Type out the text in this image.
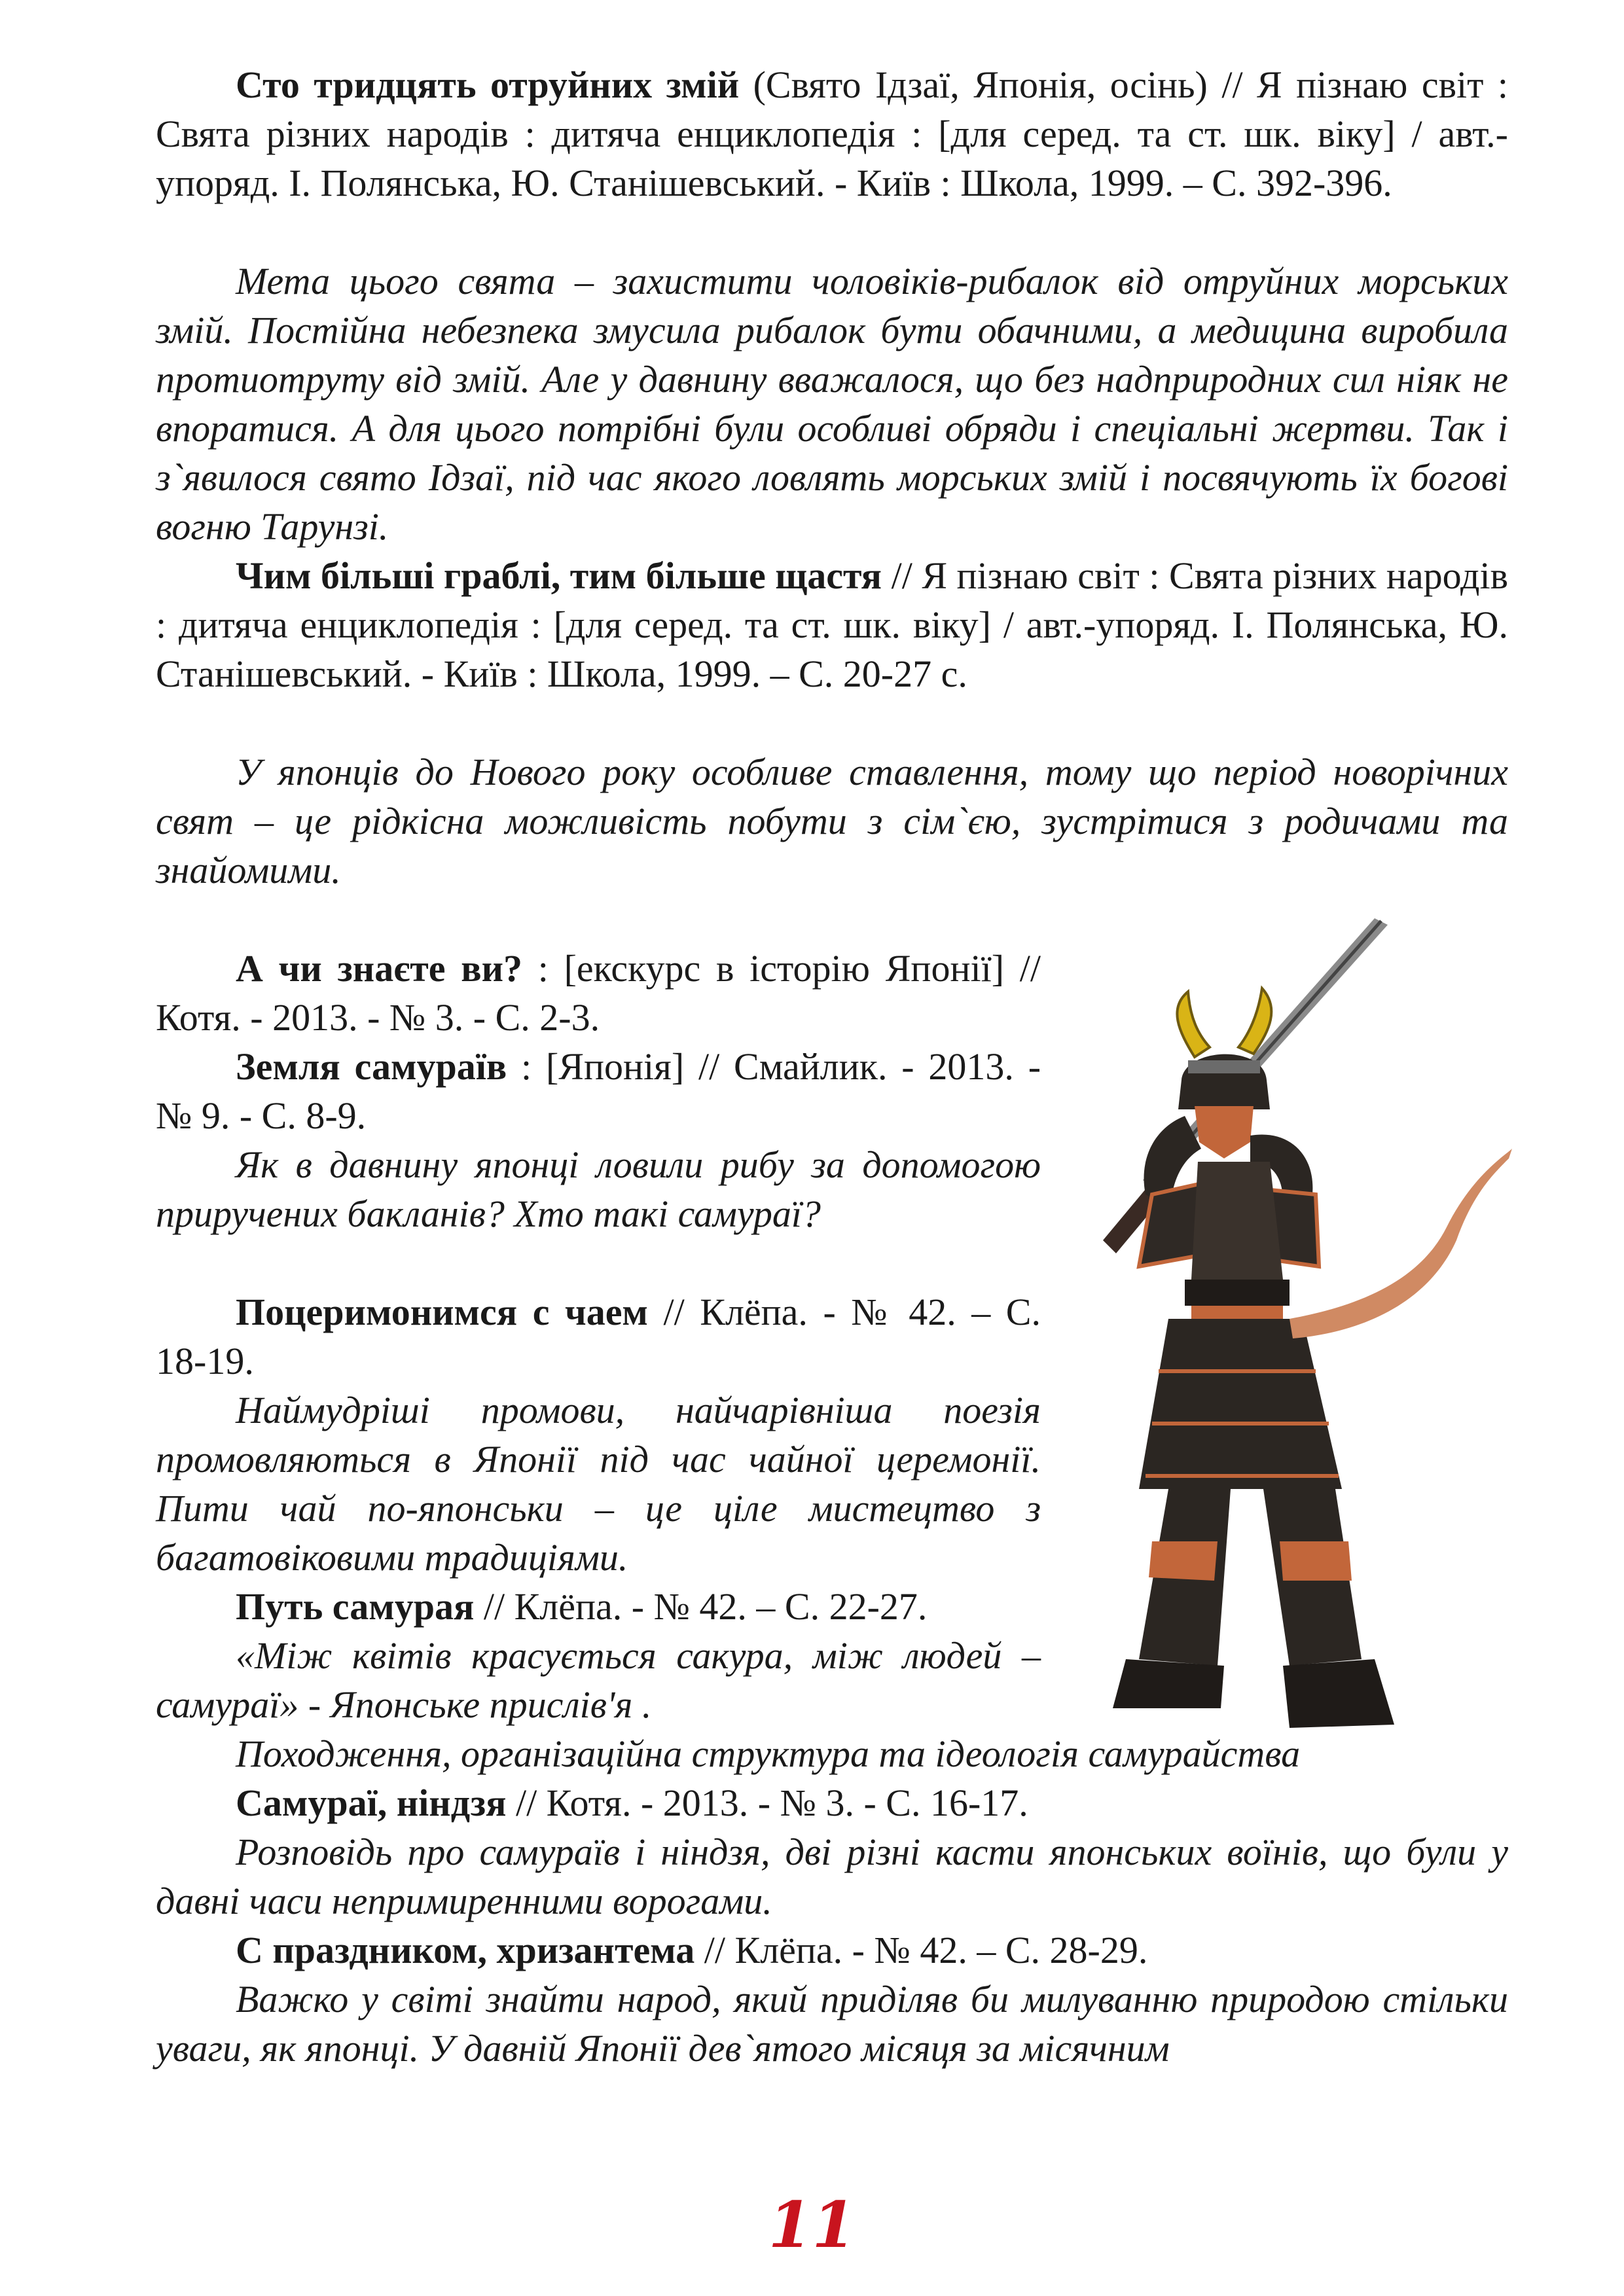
Сто тридцять отруйних змій (Свято Ідзаї, Японія, осінь) // Я пізнаю світ : Свята різних народів : дитяча енциклопедія : [для серед. та ст. шк. віку] / авт.-упоряд. І. Полянська, Ю. Станішевський. - Київ : Школа, 1999. – С. 392-396.
Мета цього свята – захистити чоловіків-рибалок від отруйних морських змій. Постійна небезпека змусила рибалок бути обачними, а медицина виробила протиотруту від змій. Але у давнину вважалося, що без надприродних сил ніяк не впоратися. А для цього потрібні були особливі обряди і спеціальні жертви. Так і з`явилося свято Ідзаї, під час якого ловлять морських змій і посвячують їх богові вогню Тарунзі.
Чим більші граблі, тим більше щастя // Я пізнаю світ : Свята різних народів : дитяча енциклопедія : [для серед. та ст. шк. віку] / авт.-упоряд. І. Полянська, Ю. Станішевський. - Київ : Школа, 1999. – С. 20-27 с.
У японців до Нового року особливе ставлення, тому що період новорічних свят – це рідкісна можливість побути з сім`єю, зустрітися з родичами та знайомими.
А чи знаєте ви? : [екскурс в історію Японії] // Котя. - 2013. - № 3. - С. 2-3.
Земля самураїв : [Японія] // Смайлик. - 2013. - № 9. - С. 8-9.
Як в давнину японці ловили рибу за допомогою приручених бакланів? Хто такі самураї?
Поцеримонимся с чаем // Клёпа. - № 42. – С. 18-19.
Наймудріші промови, найчарівніша поезія промовляються в Японії під час чайної церемонії. Пити чай по-японськи – це ціле мистецтво з багатовіковими традиціями.
Путь самурая // Клёпа. - № 42. – С. 22-27.
«Між квітів красується сакура, між людей – самураї» - Японське прислів'я .
Походження, організаційна структура та ідеологія самурайства
Самураї, ніндзя // Котя. - 2013. - № 3. - С. 16-17.
Розповідь про самураїв і ніндзя, дві різні касти японських воїнів, що були у давні часи непримиренними ворогами.
С праздником, хризантема // Клёпа. - № 42. – С. 28-29.
Важко у світі знайти народ, який приділяв би милуванню природою стільки уваги, як японці. У давній Японії дев`ятого місяця за місячним
11
